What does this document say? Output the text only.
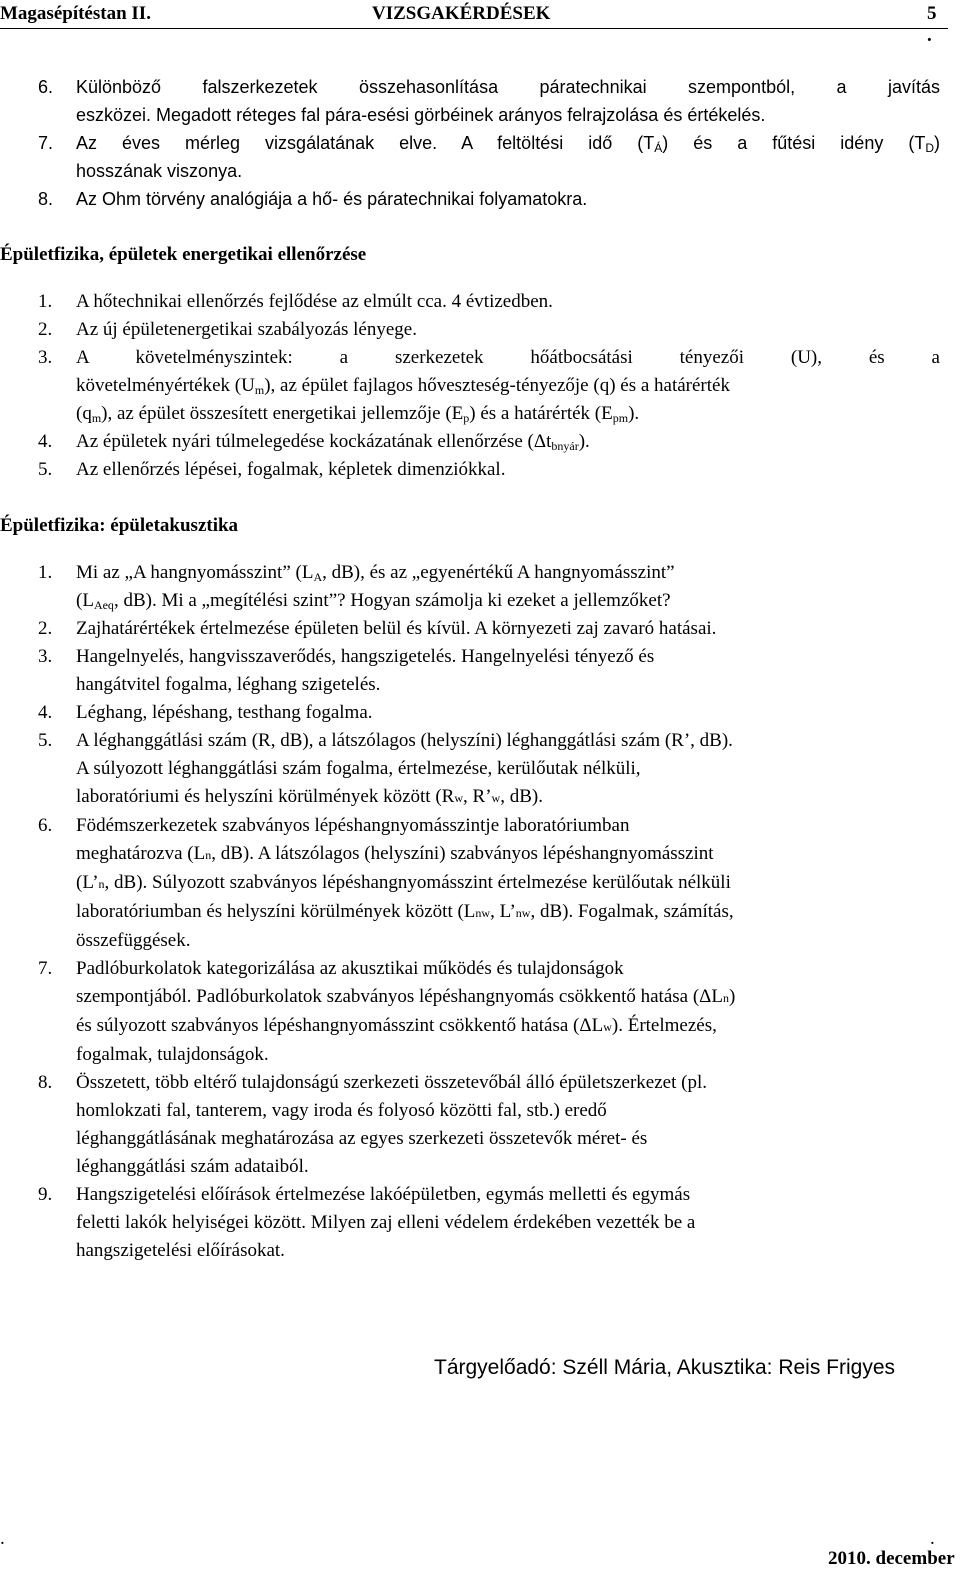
Magasépítéstan II.	VIZSGAKÉRDÉSEK	5 .

6. Különböző falszerkezetek összehasonlítása páratechnikai szempontból, a javítás

eszközei. Megadott réteges fal pára-esési görbéinek arányos felrajzolása és értékelés.

7. Az éves mérleg vizsgálatának elve. A feltöltési idő $(T_Á)$ és a fűtési idény $(T_D)$

hosszának viszonya.

8. Az Ohm törvény analógiája a hő- és páratechnikai folyamatokra.

Épületfizika, épületek energetikai ellenőrzése

1. A hőtechnikai ellenőrzés fejlődése az elmúlt cca. 4 évtizedben.

2. Az új épületenergetikai szabályozás lényege.

3. A követelményszintek: a szerkezetek hőátbocsátási tényezői (U), és a

követelményértékek $(U_m)$, az épület fajlagos hőveszteség-tényezője (q) és a határérték

$(q_m)$, az épület összesített energetikai jellemzője $(E_p)$ és a határérték $(E_{pm})$.

4. Az épületek nyári túlmelegedése kockázatának ellenőrzése $(\Delta t_{bnyár})$.

5. Az ellenőrzés lépései, fogalmak, képletek dimenziókkal.

Épületfizika: épületakusztika

1. Mi az „A hangnyomásszint” ($L_A$, dB), és az „egyenértékű A hangnyomásszint”

($L_{Aeq}$, dB). Mi a „megítélési szint”? Hogyan számolja ki ezeket a jellemzőket?

2. Zajhatárértékek értelmezése épületen belül és kívül. A környezeti zaj zavaró hatásai.

3. Hangelnyelés, hangvisszaverődés, hangszigetelés. Hangelnyelési tényező és

hangátvitel fogalma, léghang szigetelés.

4. Léghang, lépéshang, testhang fogalma.

5. A léghanggátlási szám (R, dB), a látszólagos (helyszíni) léghanggátlási szám (R’, dB).

A súlyozott léghanggátlási szám fogalma, értelmezése, kerülőutak nélküli,

laboratóriumi és helyszíni körülmények között (Rw, R’w, dB).

6. Födémszerkezetek szabványos lépéshangnyomásszintje laboratóriumban

meghatározva (Ln, dB). A látszólagos (helyszíni) szabványos lépéshangnyomásszint

(L’n, dB). Súlyozott szabványos lépéshangnyomásszint értelmezése kerülőutak nélküli

laboratóriumban és helyszíni körülmények között (Lnw, L’nw, dB). Fogalmak, számítás,

összefüggések.

7. Padlóburkolatok kategorizálása az akusztikai működés és tulajdonságok

szempontjából. Padlóburkolatok szabványos lépéshangnyomás csökkentő hatása (ΔLn)

és súlyozott szabványos lépéshangnyomásszint csökkentő hatása (ΔLw). Értelmezés,

fogalmak, tulajdonságok.

8. Összetett, több eltérő tulajdonságú szerkezeti összetevőbál álló épületszerkezet (pl.

homlokzati fal, tanterem, vagy iroda és folyosó közötti fal, stb.) eredő

léghanggátlásának meghatározása az egyes szerkezeti összetevők méret- és

léghanggátlási szám adataiból.

9. Hangszigetelési előírások értelmezése lakóépületben, egymás melletti és egymás

feletti lakók helyiségei között. Milyen zaj elleni védelem érdekében vezették be a

hangszigetelési előírásokat.

Tárgyelőadó: Széll Mária, Akusztika: Reis Frigyes
.	.
2010. december
